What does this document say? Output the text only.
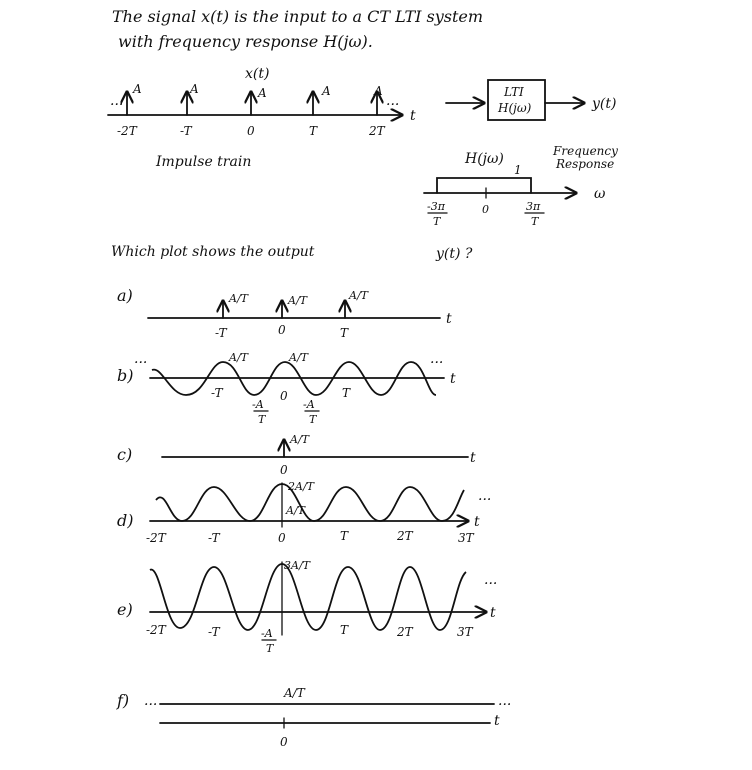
The signal x(t) is the input to a CT LTI system
with frequency response H(jω).
x(t)
t
...	...
A	A	A	A	A
-2T	-T	0	T	2T
Impulse train
LTI
H(jω)	y(t)
H(jω)
1
Frequency
Response
ω
-3π
T
0	3π
T
Which plot shows the output	y(t) ?
a)
t
A/T	A/T	A/T
-T	0	T
b)
...	...
t
A/T	A/T
-T	0	T
-A
T
-A
T
c)	t
A/T
0
d)	t
...
2A/T
A/T
-2T	-T	0	T	2T	3T
e)	t
...
3A/T
-A
T
-2T	-T	T	2T	3T
f) ...	...
A/T
t
0
